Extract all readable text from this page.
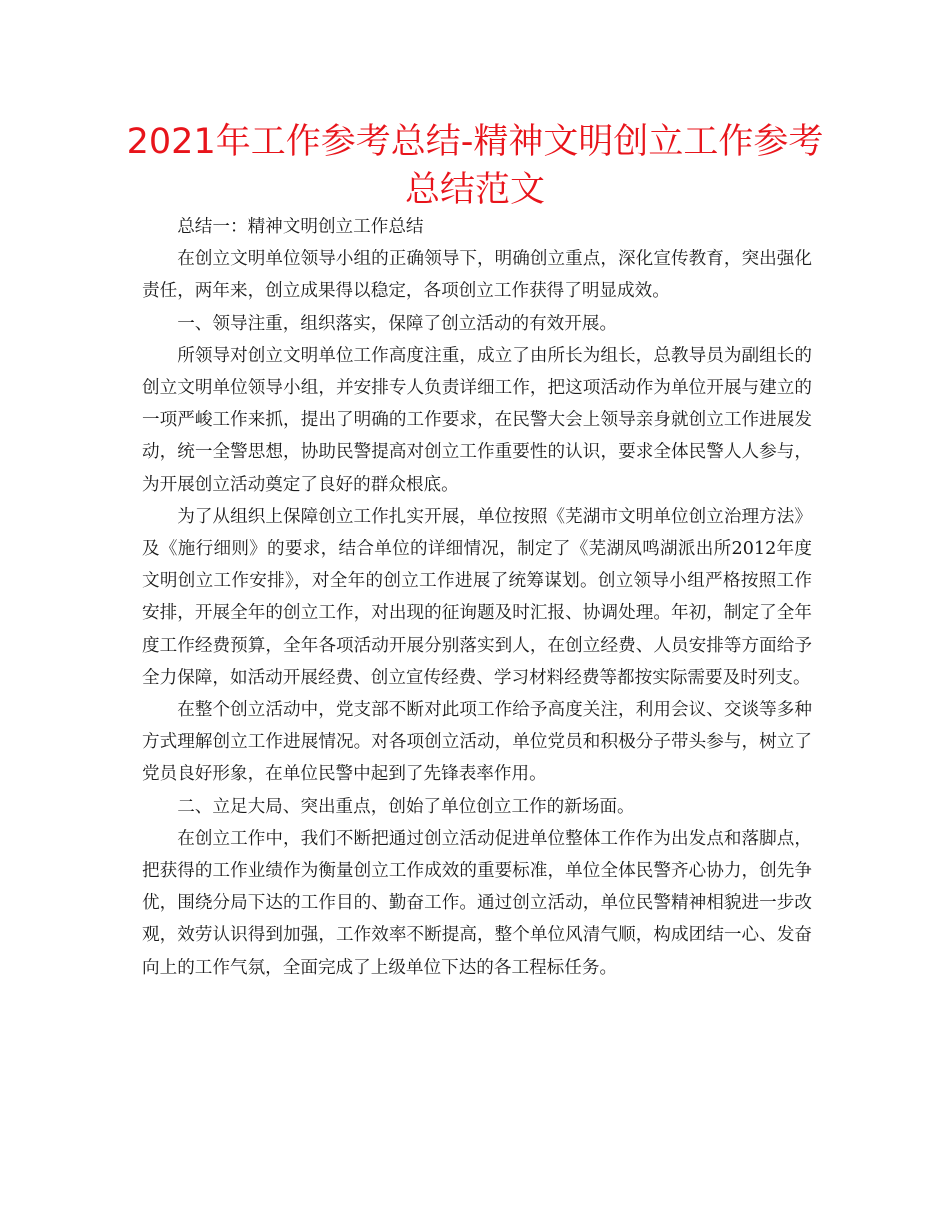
2021年工作参考总结-精神文明创立工作参考总结范文

总结一：精神文明创立工作总结

在创立文明单位领导小组的正确领导下，明确创立重点，深化宣传教育，突出强化责任，两年来，创立成果得以稳定，各项创立工作获得了明显成效。

一、领导注重，组织落实，保障了创立活动的有效开展。

所领导对创立文明单位工作高度注重，成立了由所长为组长，总教导员为副组长的创立文明单位领导小组，并安排专人负责详细工作，把这项活动作为单位开展与建立的一项严峻工作来抓，提出了明确的工作要求，在民警大会上领导亲身就创立工作进展发动，统一全警思想，协助民警提高对创立工作重要性的认识，要求全体民警人人参与，为开展创立活动奠定了良好的群众根底。

为了从组织上保障创立工作扎实开展，单位按照《芜湖市文明单位创立治理方法》及《施行细则》的要求，结合单位的详细情况，制定了《芜湖凤鸣湖派出所2012年度文明创立工作安排》，对全年的创立工作进展了统筹谋划。创立领导小组严格按照工作安排，开展全年的创立工作，对出现的征询题及时汇报、协调处理。年初，制定了全年度工作经费预算，全年各项活动开展分别落实到人，在创立经费、人员安排等方面给予全力保障，如活动开展经费、创立宣传经费、学习材料经费等都按实际需要及时列支。

在整个创立活动中，党支部不断对此项工作给予高度关注，利用会议、交谈等多种方式理解创立工作进展情况。对各项创立活动，单位党员和积极分子带头参与，树立了党员良好形象，在单位民警中起到了先锋表率作用。

二、立足大局、突出重点，创始了单位创立工作的新场面。

在创立工作中，我们不断把通过创立活动促进单位整体工作作为出发点和落脚点，把获得的工作业绩作为衡量创立工作成效的重要标准，单位全体民警齐心协力，创先争优，围绕分局下达的工作目的、勤奋工作。通过创立活动，单位民警精神相貌进一步改观，效劳认识得到加强，工作效率不断提高，整个单位风清气顺，构成团结一心、发奋向上的工作气氛，全面完成了上级单位下达的各工程标任务。
